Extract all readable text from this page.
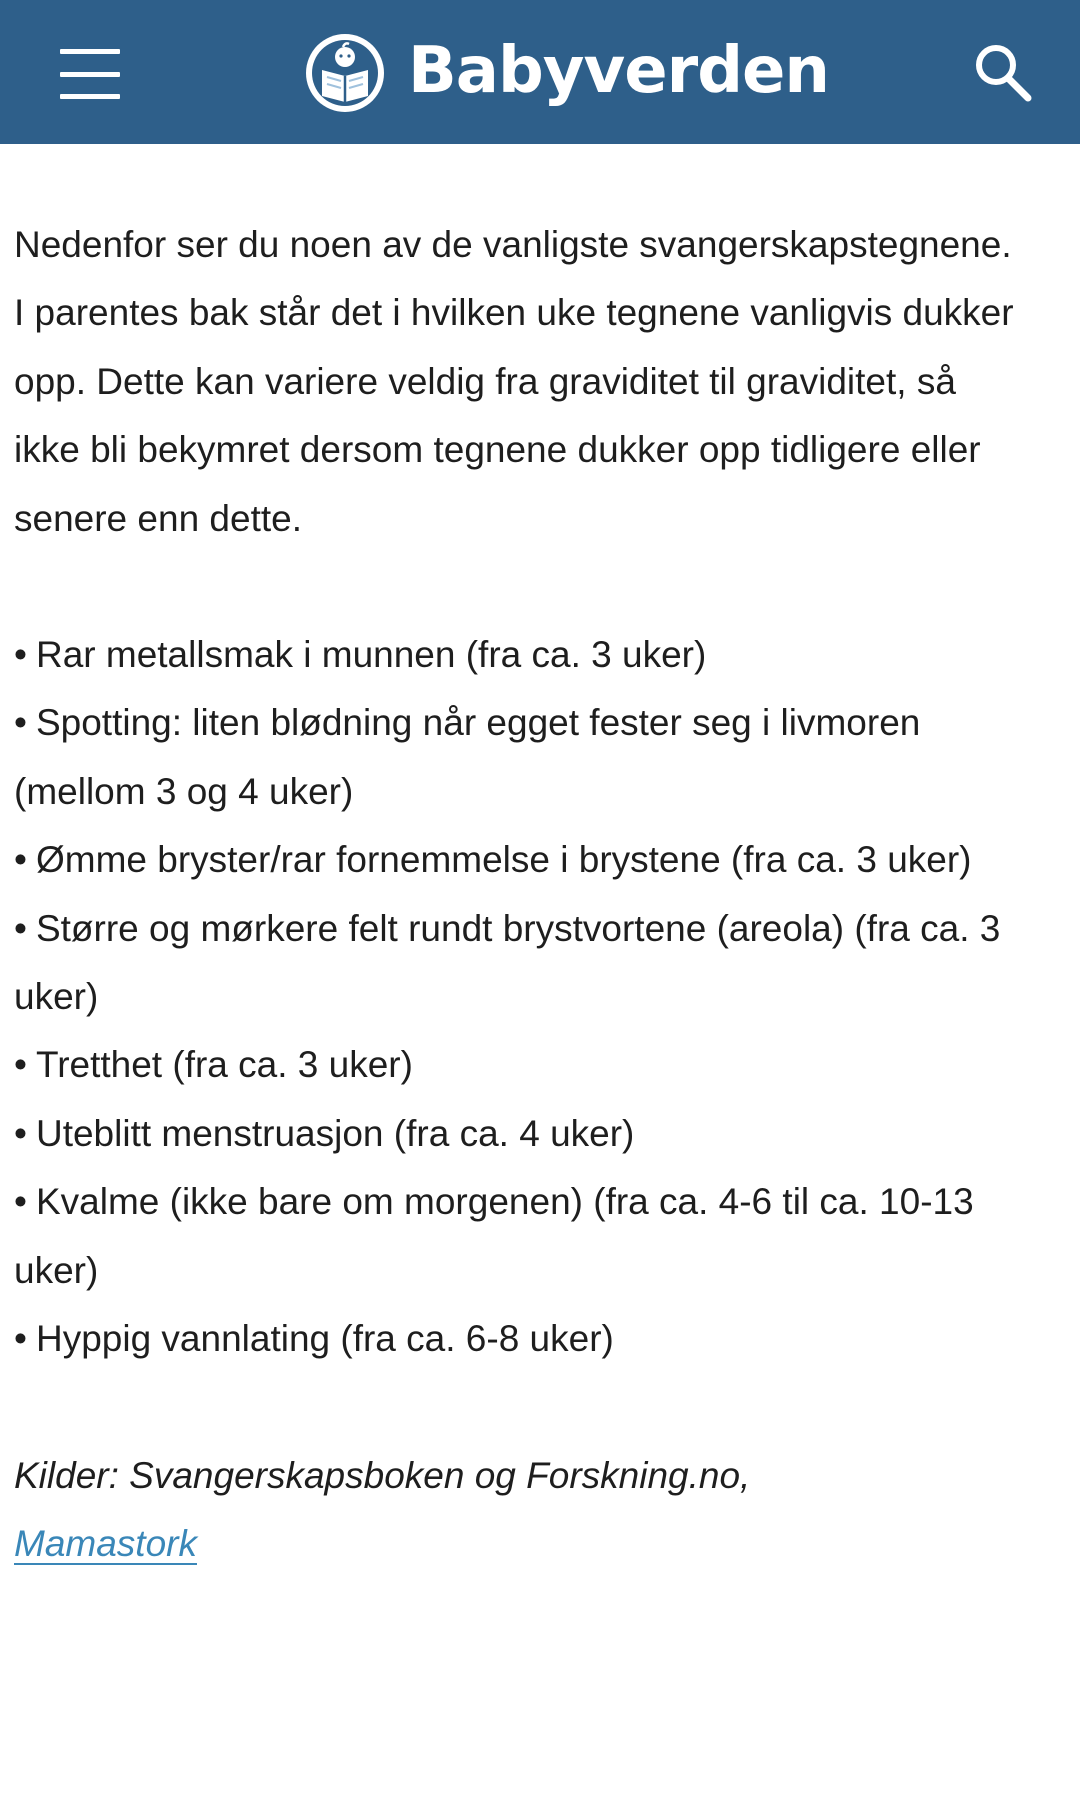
Babyverden

Nedenfor ser du noen av de vanligste svangerskapstegnene. I parentes bak står det i hvilken uke tegnene vanligvis dukker opp. Dette kan variere veldig fra graviditet til graviditet, så ikke bli bekymret dersom tegnene dukker opp tidligere eller senere enn dette.

• Rar metallsmak i munnen (fra ca. 3 uker)
• Spotting: liten blødning når egget fester seg i livmoren (mellom 3 og 4 uker)
• Ømme bryster/rar fornemmelse i brystene (fra ca. 3 uker)
• Større og mørkere felt rundt brystvortene (areola) (fra ca. 3 uker)
• Tretthet (fra ca. 3 uker)
• Uteblitt menstruasjon (fra ca. 4 uker)
• Kvalme (ikke bare om morgenen) (fra ca. 4-6 til ca. 10-13 uker)
• Hyppig vannlating (fra ca. 6-8 uker)

Kilder: Svangerskapsboken og Forskning.no,
Mamastork
